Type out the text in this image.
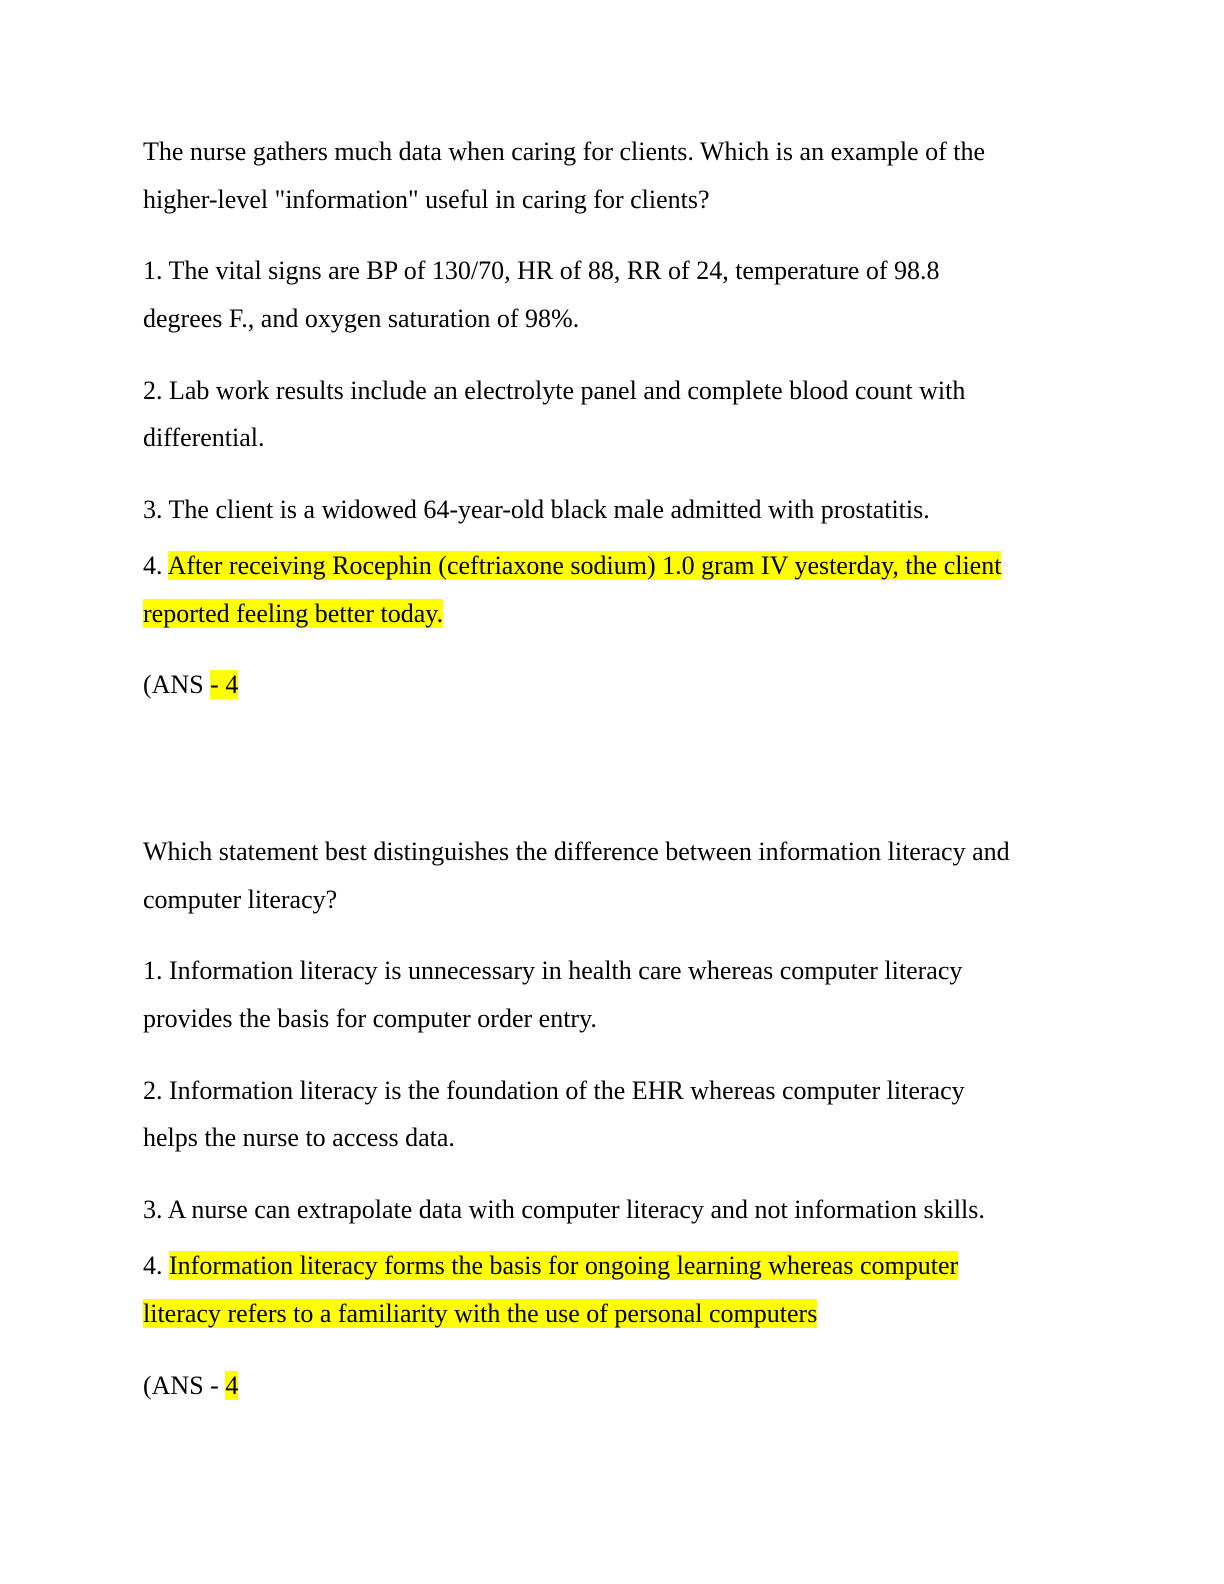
The nurse gathers much data when caring for clients. Which is an example of the
higher-level "information" useful in caring for clients?
1. The vital signs are BP of 130/70, HR of 88, RR of 24, temperature of 98.8
degrees F., and oxygen saturation of 98%.
2. Lab work results include an electrolyte panel and complete blood count with
differential.
3. The client is a widowed 64-year-old black male admitted with prostatitis.
4. After receiving Rocephin (ceftriaxone sodium) 1.0 gram IV yesterday, the client
reported feeling better today.
(ANS - 4
Which statement best distinguishes the difference between information literacy and
computer literacy?
1. Information literacy is unnecessary in health care whereas computer literacy
provides the basis for computer order entry.
2. Information literacy is the foundation of the EHR whereas computer literacy
helps the nurse to access data.
3. A nurse can extrapolate data with computer literacy and not information skills.
4. Information literacy forms the basis for ongoing learning whereas computer
literacy refers to a familiarity with the use of personal computers
(ANS - 4
